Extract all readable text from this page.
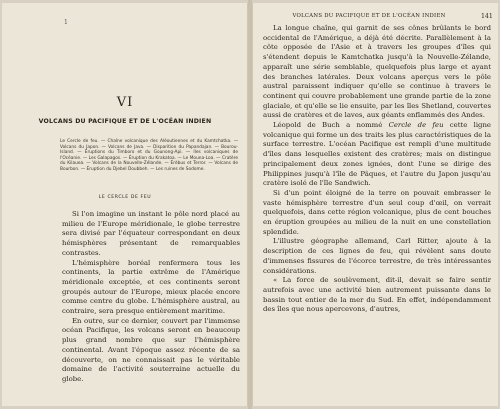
1
VI
VOLCANS DU PACIFIQUE ET DE L'OCÉAN INDIEN
Le Cercle de feu. — Chaîne volcanique des Aléoutiennes et du Kamtchatka. — Volcans du Japon. — Volcans de Java. — Disparition du Papandajan. — Bourou-Island. — Éruptions du Timboro et du Gounong-Api. — Iles volcaniques de l'Océanie. — Les Galapagos. — Éruption du Krakatoa. — Le Mouna-Loa. — Cratère du Kilauea. — Volcans de la Nouvelle-Zélande. — Érèbus et Terror. — Volcans de Bourbon. — Éruption du Djebel Doubbeh. — Les ruines de Sodome.
LE CERCLE DE FEU

Si l'on imagine un instant le pôle nord placé au milieu de l'Europe méridionale, le globe terrestre sera divisé par l'équateur correspondant en deux hémisphères présentant de remarquables contrastes.

L'hémisphère boréal renfermera tous les continents, la partie extrême de l'Amérique méridionale exceptée, et ces continents seront groupés autour de l'Europe, mieux placée encore comme centre du globe. L'hémisphère austral, au contraire, sera presque entièrement maritime.

En outre, sur ce dernier, couvert par l'immense océan Pacifique, les volcans seront en beaucoup plus grand nombre que sur l'hémisphère continental. Avant l'époque assez récente de sa découverte, on ne connaissait pas le véritable domaine de l'activité souterraine actuelle du globe.

VOLCANS DU PACIFIQUE ET DE L'OCÉAN INDIEN	141

La longue chaîne, qui garnit de ses cônes brûlants le bord occidental de l'Amérique, a déjà été décrite. Parallèlement à la côte opposée de l'Asie et à travers les groupes d'îles qui s'étendent depuis le Kamtchatka jusqu'à la Nouvelle-Zélande, apparaît une série semblable, quelquefois plus large et ayant des branches latérales. Deux volcans aperçus vers le pôle austral paraissent indiquer qu'elle se continue à travers le continent qui couvre probablement une grande partie de la zone glaciale, et qu'elle se lie ensuite, par les îles Shetland, couvertes aussi de cratères et de laves, aux géants enflammés des Andes.

Léopold de Buch a nommé Cercle de feu cette ligne volcanique qui forme un des traits les plus caractéristiques de la surface terrestre. L'océan Pacifique est rempli d'une multitude d'îles dans lesquelles existent des cratères; mais on distingue principalement deux zones ignées, dont l'une se dirige des Philippines jusqu'à l'île de Pâques, et l'autre du Japon jusqu'au cratère isolé de l'île Sandwich.

Si d'un point éloigné de la terre on pouvait embrasser le vaste hémisphère terrestre d'un seul coup d'œil, on verrait quelquefois, dans cette région volcanique, plus de cent bouches en éruption groupées au milieu de la nuit en une constellation splendide.

L'illustre géographe allemand, Carl Ritter, ajoute à la description de ces lignes de feu, qui révèlent sans doute d'immenses fissures de l'écorce terrestre, de très intéressantes considérations.

« La force de soulèvement, dit-il, devait se faire sentir autrefois avec une activité bien autrement puissante dans le bassin tout entier de la mer du Sud. En effet, indépendamment des îles que nous apercevons, d'autres,
